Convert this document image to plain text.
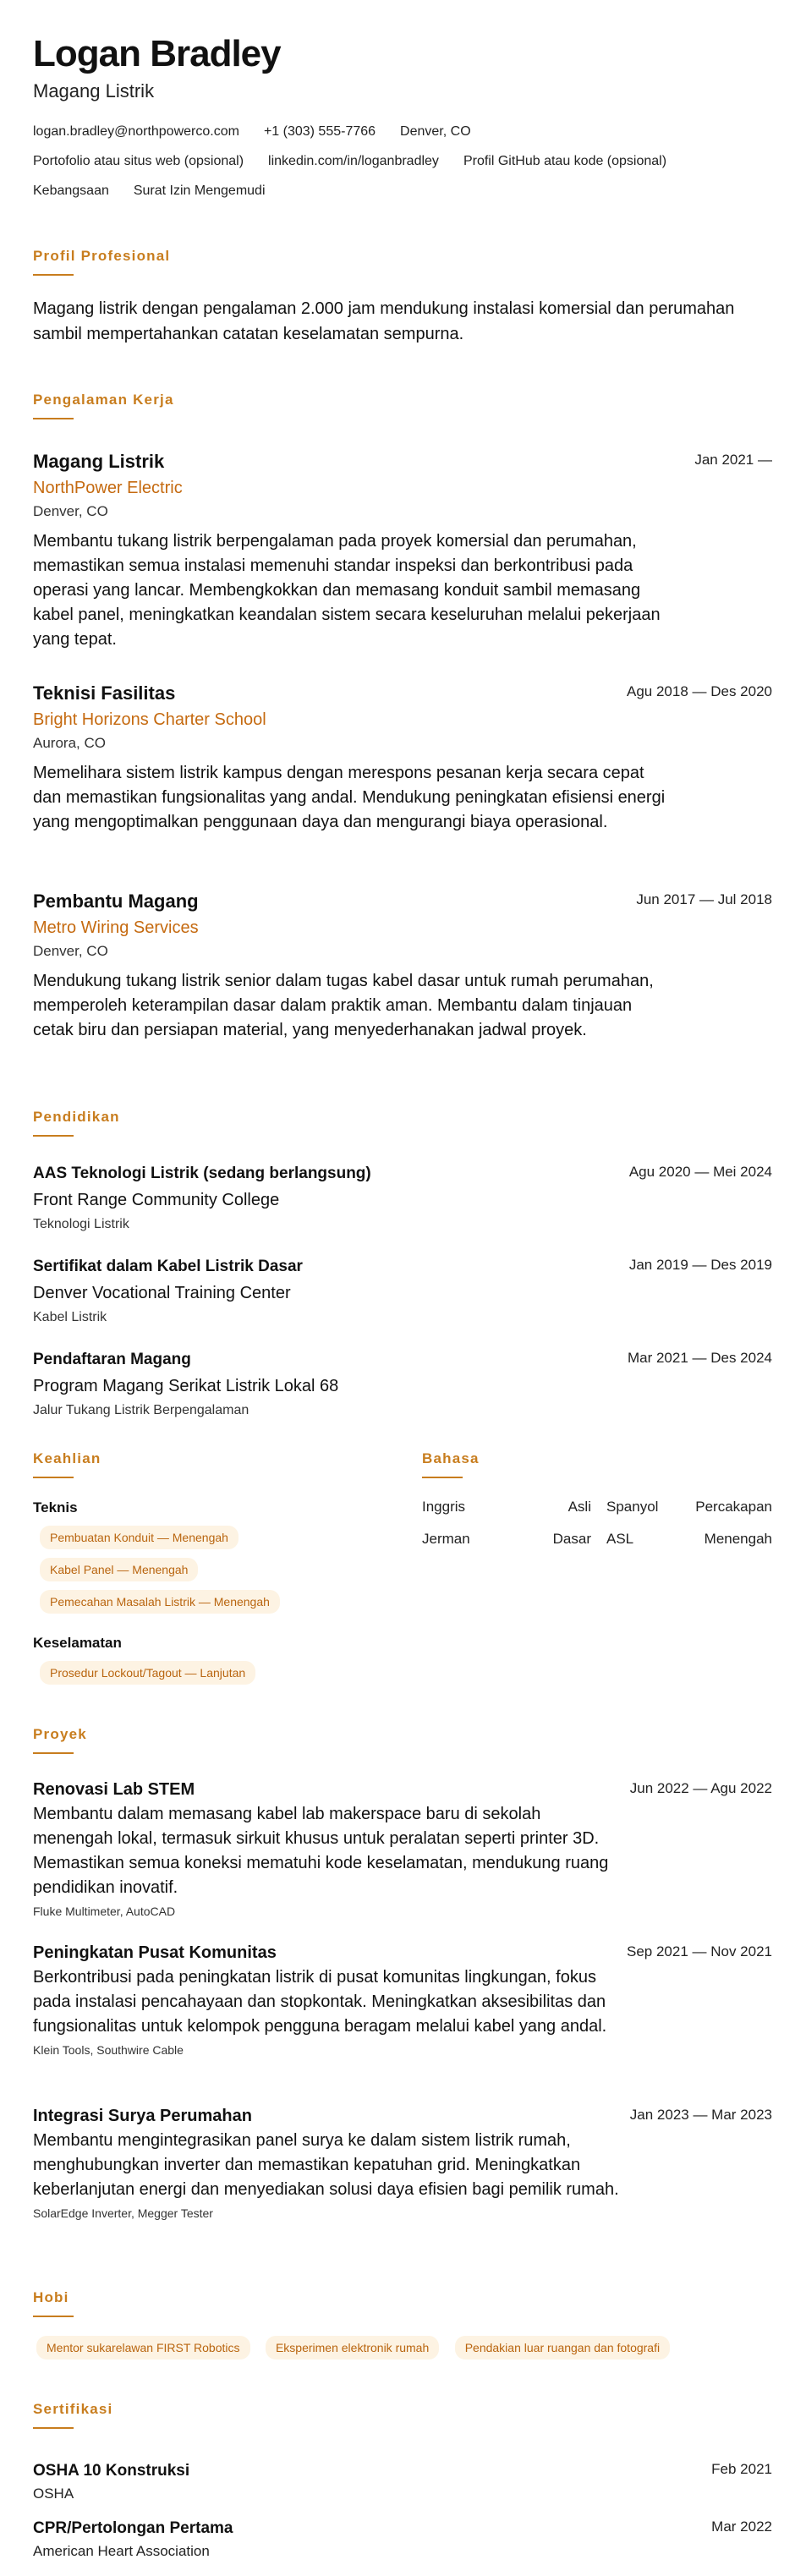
Logan Bradley
Magang Listrik
logan.bradley@northpowerco.com +1 (303) 555-7766 Denver, CO
Portofolio atau situs web (opsional) linkedin.com/in/loganbradley Profil GitHub atau kode (opsional)
Kebangsaan Surat Izin Mengemudi
Profil Profesional
Magang listrik dengan pengalaman 2.000 jam mendukung instalasi komersial dan perumahan sambil mempertahankan catatan keselamatan sempurna.
Pengalaman Kerja
Magang Listrik	Jan 2021 —
NorthPower Electric
Denver, CO
Membantu tukang listrik berpengalaman pada proyek komersial dan perumahan, memastikan semua instalasi memenuhi standar inspeksi dan berkontribusi pada operasi yang lancar. Membengkokkan dan memasang konduit sambil memasang kabel panel, meningkatkan keandalan sistem secara keseluruhan melalui pekerjaan yang tepat.
Teknisi Fasilitas	Agu 2018 — Des 2020
Bright Horizons Charter School
Aurora, CO
Memelihara sistem listrik kampus dengan merespons pesanan kerja secara cepat dan memastikan fungsionalitas yang andal. Mendukung peningkatan efisiensi energi yang mengoptimalkan penggunaan daya dan mengurangi biaya operasional.
Pembantu Magang	Jun 2017 — Jul 2018
Metro Wiring Services
Denver, CO
Mendukung tukang listrik senior dalam tugas kabel dasar untuk rumah perumahan, memperoleh keterampilan dasar dalam praktik aman. Membantu dalam tinjauan cetak biru dan persiapan material, yang menyederhanakan jadwal proyek.
Pendidikan
AAS Teknologi Listrik (sedang berlangsung)	Agu 2020 — Mei 2024
Front Range Community College
Teknologi Listrik
Sertifikat dalam Kabel Listrik Dasar	Jan 2019 — Des 2019
Denver Vocational Training Center
Kabel Listrik
Pendaftaran Magang	Mar 2021 — Des 2024
Program Magang Serikat Listrik Lokal 68
Jalur Tukang Listrik Berpengalaman
Keahlian
Teknis
Pembuatan Konduit — Menengah
Kabel Panel — Menengah
Pemecahan Masalah Listrik — Menengah
Keselamatan
Prosedur Lockout/Tagout — Lanjutan
Bahasa
Inggris	Asli Spanyol	Percakapan
Jerman	Dasar ASL	Menengah
Proyek
Renovasi Lab STEM	Jun 2022 — Agu 2022
Membantu dalam memasang kabel lab makerspace baru di sekolah menengah lokal, termasuk sirkuit khusus untuk peralatan seperti printer 3D. Memastikan semua koneksi mematuhi kode keselamatan, mendukung ruang pendidikan inovatif.
Fluke Multimeter, AutoCAD
Peningkatan Pusat Komunitas	Sep 2021 — Nov 2021
Berkontribusi pada peningkatan listrik di pusat komunitas lingkungan, fokus pada instalasi pencahayaan dan stopkontak. Meningkatkan aksesibilitas dan fungsionalitas untuk kelompok pengguna beragam melalui kabel yang andal.
Klein Tools, Southwire Cable
Integrasi Surya Perumahan	Jan 2023 — Mar 2023
Membantu mengintegrasikan panel surya ke dalam sistem listrik rumah, menghubungkan inverter dan memastikan kepatuhan grid. Meningkatkan keberlanjutan energi dan menyediakan solusi daya efisien bagi pemilik rumah.
SolarEdge Inverter, Megger Tester
Hobi
Mentor sukarelawan FIRST Robotics	Eksperimen elektronik rumah	Pendakian luar ruangan dan fotografi
Sertifikasi
OSHA 10 Konstruksi	Feb 2021
OSHA
CPR/Pertolongan Pertama	Mar 2022
American Heart Association
